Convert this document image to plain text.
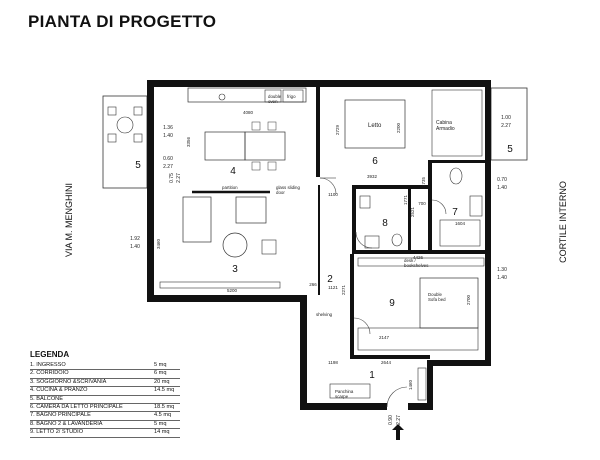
PIANTA DI PROGETTO
1
2
3
4
5
5
6
7
8
9
Letto	Cabina Armadio
partition	glass sliding door
double oven
frigo
desk / bookshelves
Double Sofa bed
Panchina scarpe
shelving
4080
3932
5200
4426
2147
2644
1198
1100
1121
1604
700
266
3460
3356
2729	2200
2700
1735
1460
2271
2521
1771
1.36
1.40
0.60
2.27
0.75 2.27
1.92
1.40
1.00
2.27
0.70
1.40
1.30
1.40
0.90 2.27
VIA M. MENGHINI	CORTILE INTERNO
LEGENDA
1. INGRESSO	5 mq
2. CORRIDOIO	6 mq
3. SOGGIORNO &SCRIVANIA	20 mq
4. CUCINA & PRANZO	14.5 mq
5. BALCONE
6. CAMERA DA LETTO PRINCIPALE	18.5 mq
7. BAGNO PRINCIPALE	4.5 mq
8. BAGNO 2 & LAVANDERIA	5 mq
9. LETTO 2/ STUDIO	14 mq
